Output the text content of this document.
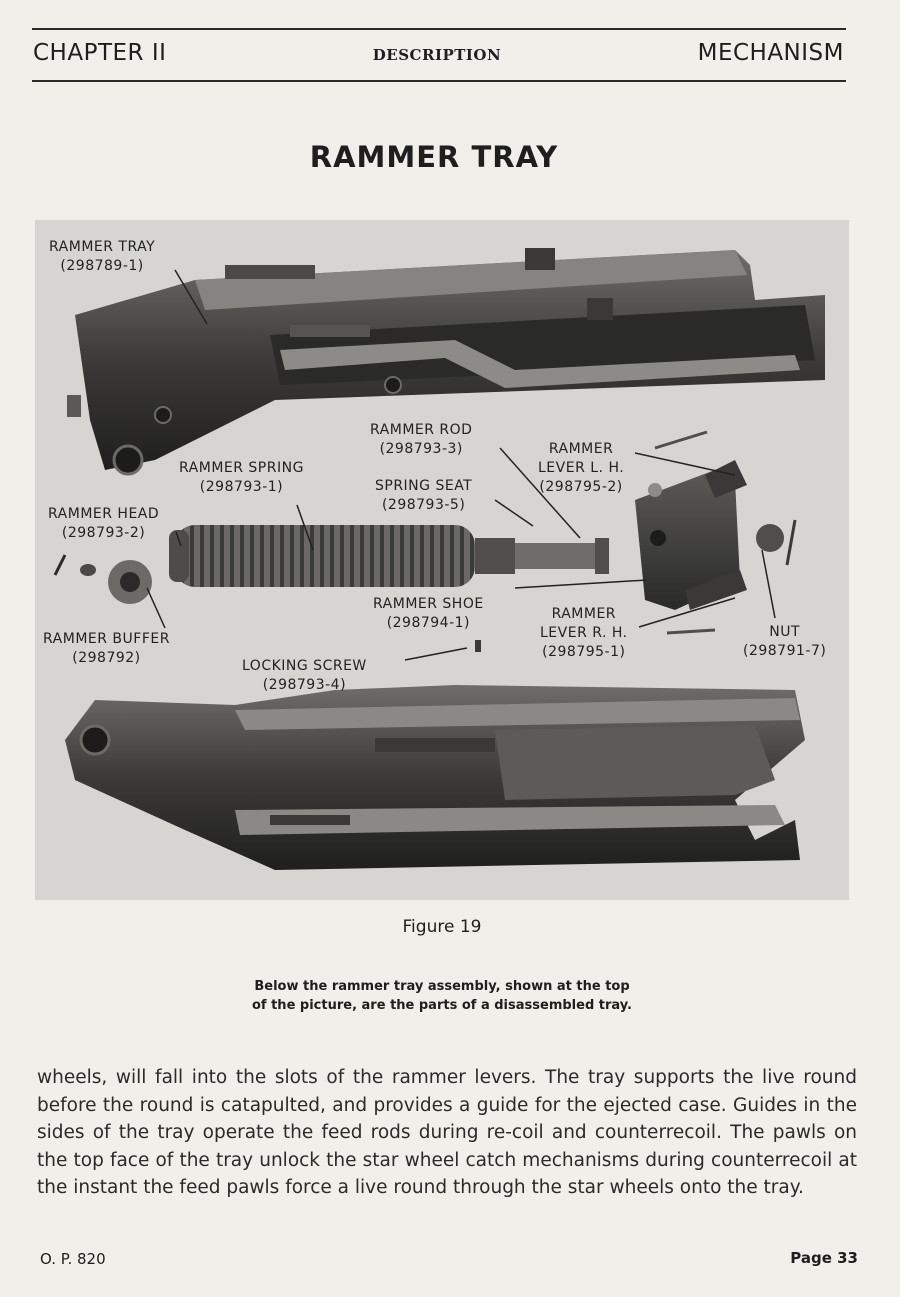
CHAPTER II	DESCRIPTION	MECHANISM
RAMMER TRAY
RAMMER TRAY
(298789-1)
RAMMER ROD
(298793-3)	RAMMER
LEVER L. H.
(298795-2)
RAMMER SPRING
(298793-1)	SPRING SEAT
(298793-5)
RAMMER HEAD
(298793-2)
RAMMER SHOE
(298794-1)
RAMMER
LEVER R. H.
(298795-1)
NUT
(298791-7)
RAMMER BUFFER
(298792)	LOCKING SCREW
(298793-4)
Figure 19
Below the rammer tray assembly, shown at the top
of the picture, are the parts of a disassembled tray.
wheels, will fall into the slots of the rammer levers. The tray supports the live round before the round is catapulted, and provides a guide for the ejected case. Guides in the sides of the tray operate the feed rods during re-coil and counterrecoil. The pawls on the top face of the tray unlock the star wheel catch mechanisms during counterrecoil at the instant the feed pawls force a live round through the star wheels onto the tray.
O. P. 820	Page 33
